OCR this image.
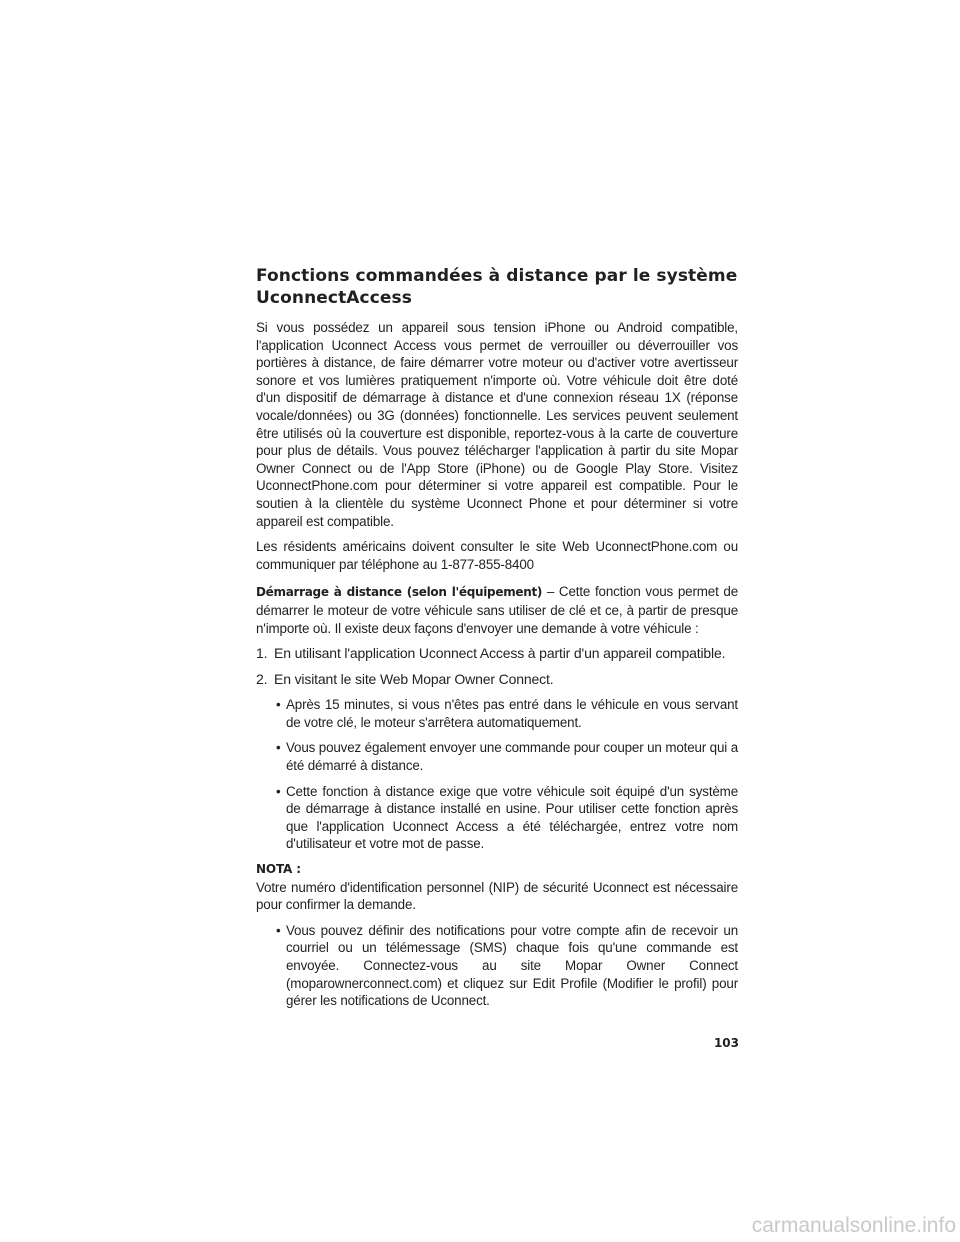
Fonctions commandées à distance par le système UconnectAccess

Si vous possédez un appareil sous tension iPhone ou Android compatible, l'application Uconnect Access vous permet de verrouiller ou déverrouiller vos portières à distance, de faire démarrer votre moteur ou d'activer votre avertisseur sonore et vos lumières pratiquement n'importe où. Votre véhicule doit être doté d'un dispositif de démarrage à distance et d'une connexion réseau 1X (réponse vocale/données) ou 3G (données) fonctionnelle. Les services peuvent seulement être utilisés où la couverture est disponible, reportez-vous à la carte de couverture pour plus de détails. Vous pouvez télécharger l'application à partir du site Mopar Owner Connect ou de l'App Store (iPhone) ou de Google Play Store. Visitez UconnectPhone.com pour déterminer si votre appareil est compatible. Pour le soutien à la clientèle du système Uconnect Phone et pour déterminer si votre appareil est compatible.

Les résidents américains doivent consulter le site Web UconnectPhone.com ou communiquer par téléphone au 1-877-855-8400

Démarrage à distance (selon l'équipement) – Cette fonction vous permet de démarrer le moteur de votre véhicule sans utiliser de clé et ce, à partir de presque n'importe où. Il existe deux façons d'envoyer une demande à votre véhicule :

1. En utilisant l'application Uconnect Access à partir d'un appareil compatible.
2. En visitant le site Web Mopar Owner Connect.
• Après 15 minutes, si vous n'êtes pas entré dans le véhicule en vous servant de votre clé, le moteur s'arrêtera automatiquement.
• Vous pouvez également envoyer une commande pour couper un moteur qui a été démarré à distance.
• Cette fonction à distance exige que votre véhicule soit équipé d'un système de démarrage à distance installé en usine. Pour utiliser cette fonction après que l'application Uconnect Access a été téléchargée, entrez votre nom d'utilisateur et votre mot de passe.
NOTA :

Votre numéro d'identification personnel (NIP) de sécurité Uconnect est nécessaire pour confirmer la demande.

• Vous pouvez définir des notifications pour votre compte afin de recevoir un courriel ou un télémessage (SMS) chaque fois qu'une commande est envoyée. Connectez-vous au site Mopar Owner Connect (moparownerconnect.com) et cliquez sur Edit Profile (Modifier le profil) pour gérer les notifications de Uconnect.
103
carmanualsonline.info
